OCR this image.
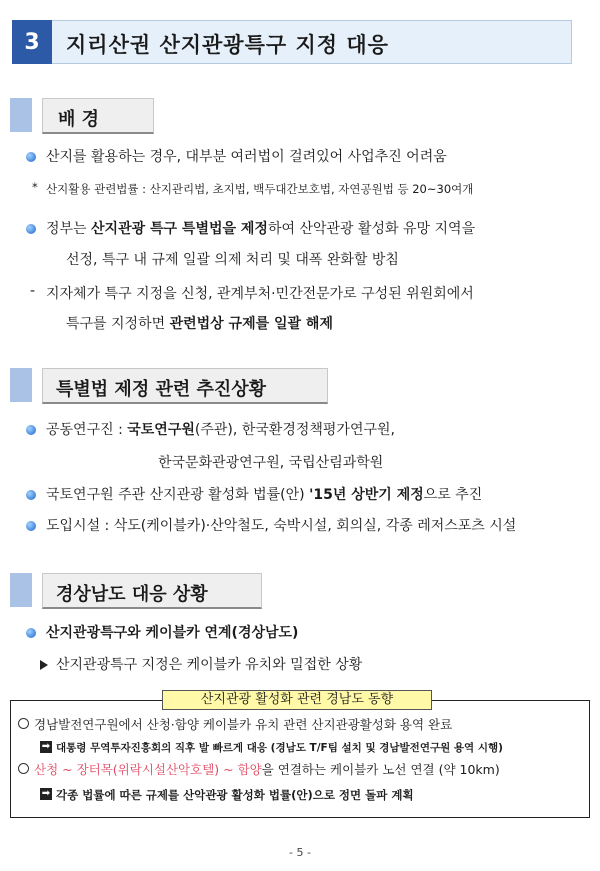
3	지리산권 산지관광특구 지정 대응
배 경
산지를 활용하는 경우, 대부분 여러법이 걸려있어 사업추진 어려움
* 산지활용 관련법률 : 산지관리법, 초지법, 백두대간보호법, 자연공원법 등 20~30여개
정부는 산지관광 특구 특별법을 제정하여 산악관광 활성화 유망 지역을
선정, 특구 내 규제 일괄 의제 처리 및 대폭 완화할 방침
- 지자체가 특구 지정을 신청, 관계부처·민간전문가로 구성된 위원회에서
특구를 지정하면 관련법상 규제를 일괄 해제
특별법 제정 관련 추진상황
공동연구진 : 국토연구원(주관), 한국환경정책평가연구원,
한국문화관광연구원, 국립산림과학원
국토연구원 주관 산지관광 활성화 법률(안) '15년 상반기 제정으로 추진
도입시설 : 삭도(케이블카)·산악철도, 숙박시설, 회의실, 각종 레저스포츠 시설
경상남도 대응 상황
산지관광특구와 케이블카 연계(경상남도)
산지관광특구 지정은 케이블카 유치와 밀접한 상황
산지관광 활성화 관련 경남도 동향
경남발전연구원에서 산청·함양 케이블카 유치 관련 산지관광활성화 용역 완료
➡ 대통령 무역투자진흥회의 직후 발 빠르게 대응 (경남도 T/F팀 설치 및 경남발전연구원 용역 시행)
산청 ~ 장터목(위락시설산악호텔) ~ 함양을 연결하는 케이블카 노선 연결 (약 10km)
➡ 각종 법률에 따른 규제를 산악관광 활성화 법률(안)으로 정면 돌파 계획
- 5 -
